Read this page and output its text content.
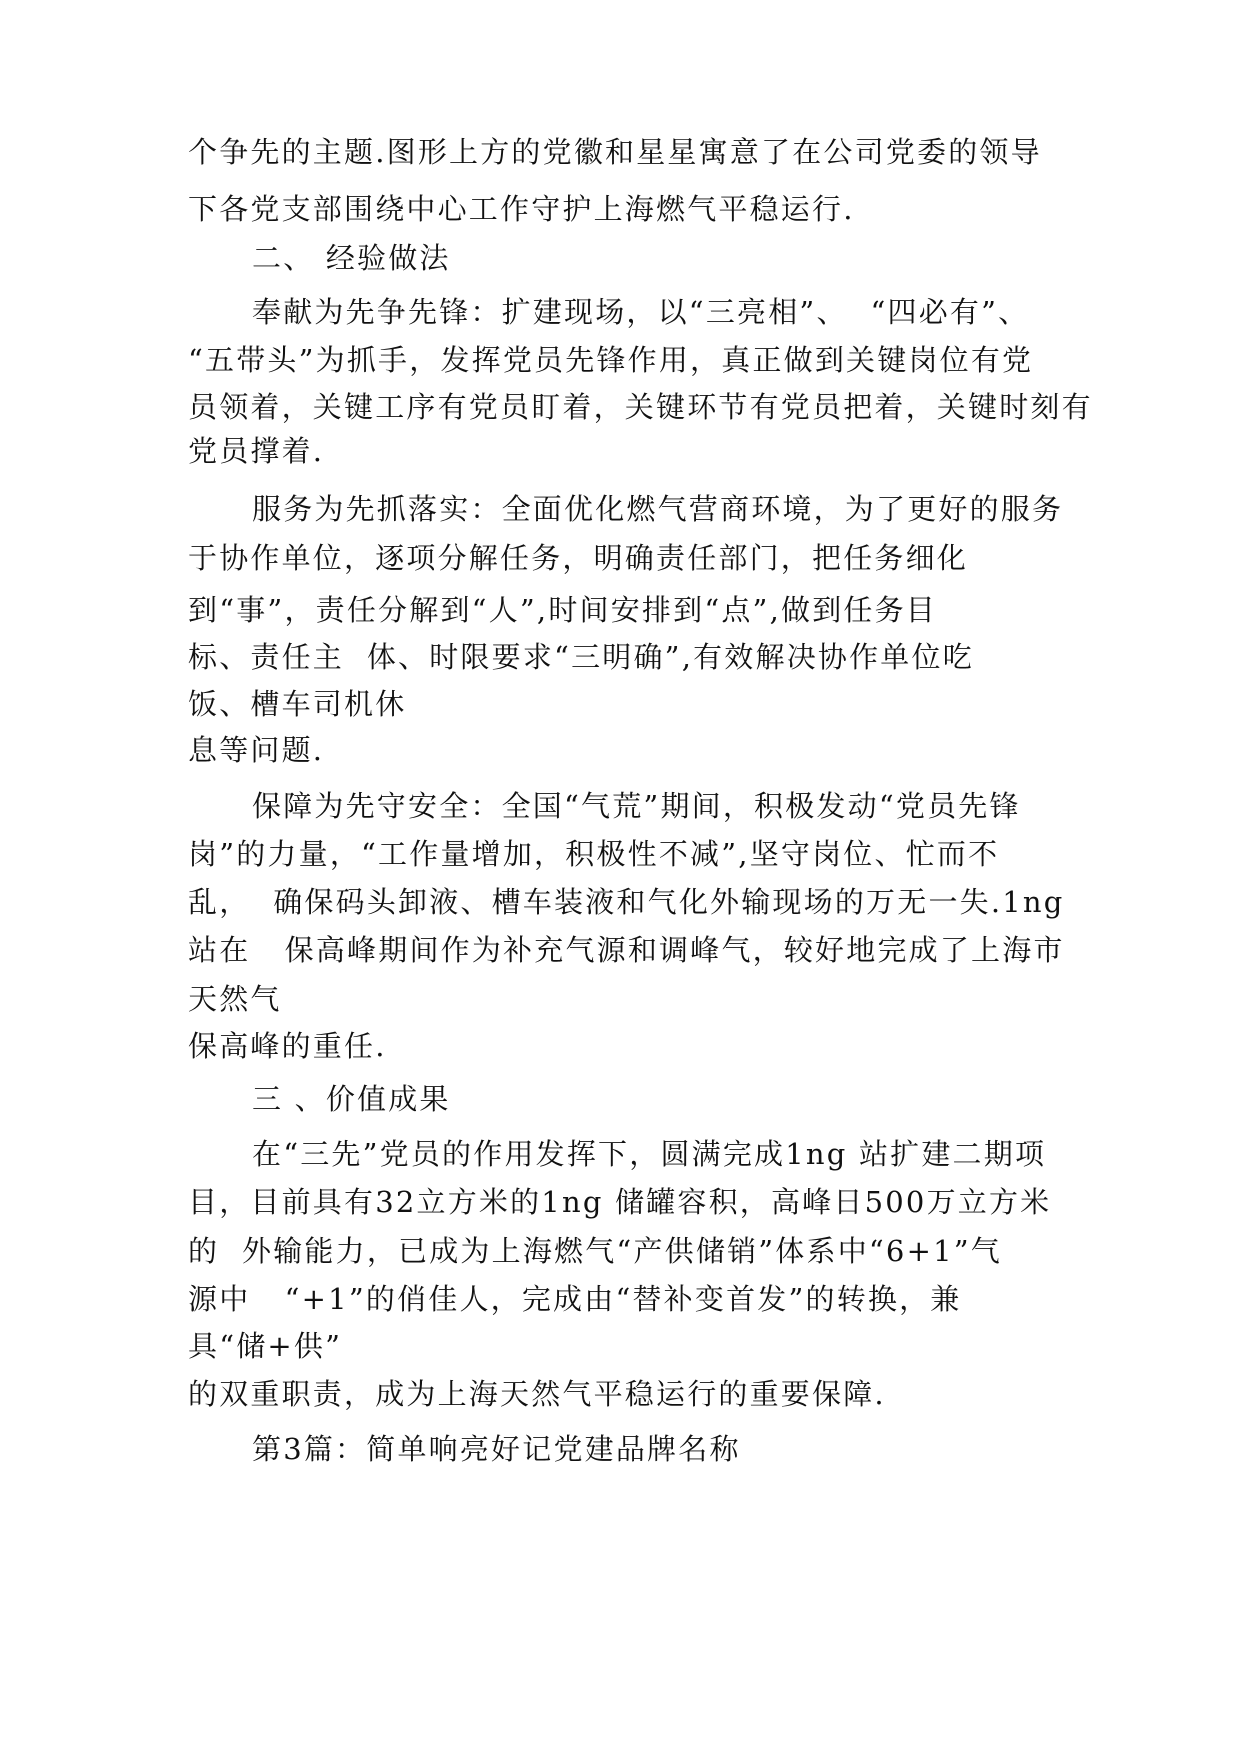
个争先的主题.图形上方的党徽和星星寓意了在公司党委的领导
下各党支部围绕中心工作守护上海燃气平稳运行.
二、 经验做法
奉献为先争先锋：扩建现场，以“三亮相”、  “四必有”、
“五带头”为抓手，发挥党员先锋作用，真正做到关键岗位有党
员领着，关键工序有党员盯着，关键环节有党员把着，关键时刻有
党员撑着.
服务为先抓落实：全面优化燃气营商环境，为了更好的服务
于协作单位，逐项分解任务，明确责任部门，把任务细化
到“事”，责任分解到“人”,时间安排到“点”,做到任务目
标、责任主  体、时限要求“三明确”,有效解决协作单位吃
饭、槽车司机休
息等问题.
保障为先守安全：全国“气荒”期间，积极发动“党员先锋
岗”的力量，“工作量增加，积极性不减”,坚守岗位、忙而不
乱，  确保码头卸液、槽车装液和气化外输现场的万无一失.1ng
站在   保高峰期间作为补充气源和调峰气，较好地完成了上海市
天然气
保高峰的重任.
三 、价值成果
在“三先”党员的作用发挥下，圆满完成1ng 站扩建二期项
目，目前具有32立方米的1ng 储罐容积，高峰日500万立方米
的  外输能力，已成为上海燃气“产供储销”体系中“6+1”气
源中   “+1”的俏佳人，完成由“替补变首发”的转换，兼
具“储+供”
的双重职责，成为上海天然气平稳运行的重要保障.
第3篇：简单响亮好记党建品牌名称
